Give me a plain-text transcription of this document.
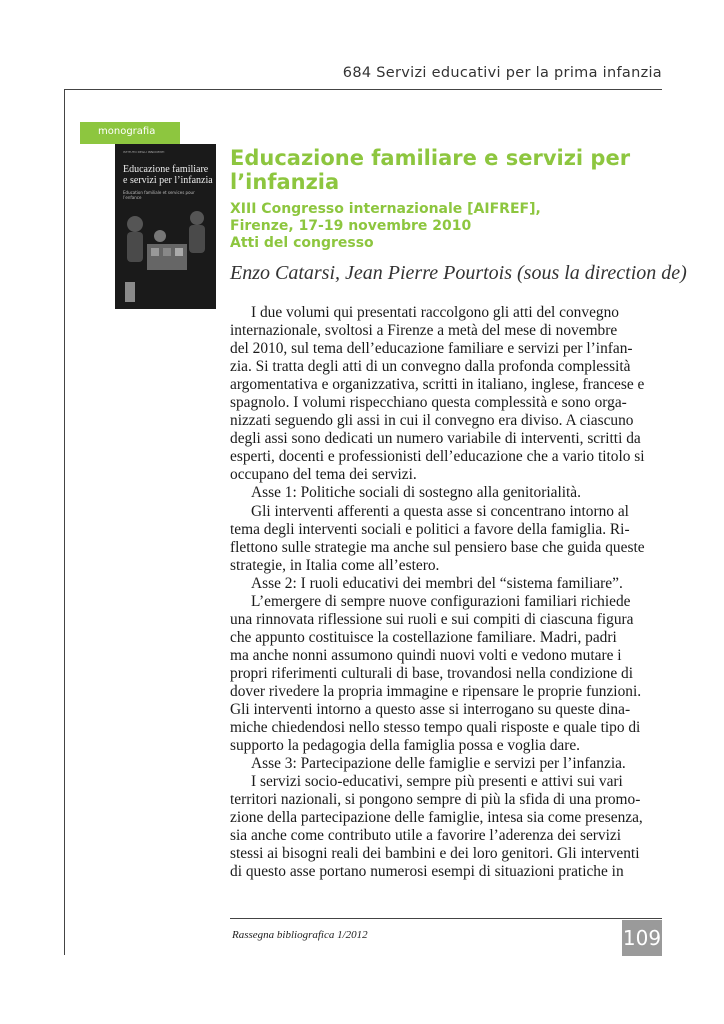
684 Servizi educativi per la prima infanzia
monografia
ISTITUTO DEGLI INNOCENTI
Educazione familiare e servizi per l’infanzia
Education familiale et services pour l’enfance
Educazione familiare e servizi per l’infanzia
XIII Congresso internazionale [AIFREF],
Firenze, 17-19 novembre 2010
Atti del congresso
Enzo Catarsi, Jean Pierre Pourtois (sous la direction de)
I due volumi qui presentati raccolgono gli atti del convegno
internazionale, svoltosi a Firenze a metà del mese di novembre
del 2010, sul tema dell’educazione familiare e servizi per l’infan-
zia. Si tratta degli atti di un convegno dalla profonda complessità
argomentativa e organizzativa, scritti in italiano, inglese, francese e
spagnolo. I volumi rispecchiano questa complessità e sono orga-
nizzati seguendo gli assi in cui il convegno era diviso. A ciascuno
degli assi sono dedicati un numero variabile di interventi, scritti da
esperti, docenti e professionisti dell’educazione che a vario titolo si
occupano del tema dei servizi.
Asse 1: Politiche sociali di sostegno alla genitorialità.
Gli interventi afferenti a questa asse si concentrano intorno al
tema degli interventi sociali e politici a favore della famiglia. Ri-
flettono sulle strategie ma anche sul pensiero base che guida queste
strategie, in Italia come all’estero.
Asse 2: I ruoli educativi dei membri del “sistema familiare”.
L’emergere di sempre nuove configurazioni familiari richiede
una rinnovata riflessione sui ruoli e sui compiti di ciascuna figura
che appunto costituisce la costellazione familiare. Madri, padri
ma anche nonni assumono quindi nuovi volti e vedono mutare i
propri riferimenti culturali di base, trovandosi nella condizione di
dover rivedere la propria immagine e ripensare le proprie funzioni.
Gli interventi intorno a questo asse si interrogano su queste dina-
miche chiedendosi nello stesso tempo quali risposte e quale tipo di
supporto la pedagogia della famiglia possa e voglia dare.
Asse 3: Partecipazione delle famiglie e servizi per l’infanzia.
I servizi socio-educativi, sempre più presenti e attivi sui vari
territori nazionali, si pongono sempre di più la sfida di una promo-
zione della partecipazione delle famiglie, intesa sia come presenza,
sia anche come contributo utile a favorire l’aderenza dei servizi
stessi ai bisogni reali dei bambini e dei loro genitori. Gli interventi
di questo asse portano numerosi esempi di situazioni pratiche in
Rassegna bibliografica 1/2012	109
